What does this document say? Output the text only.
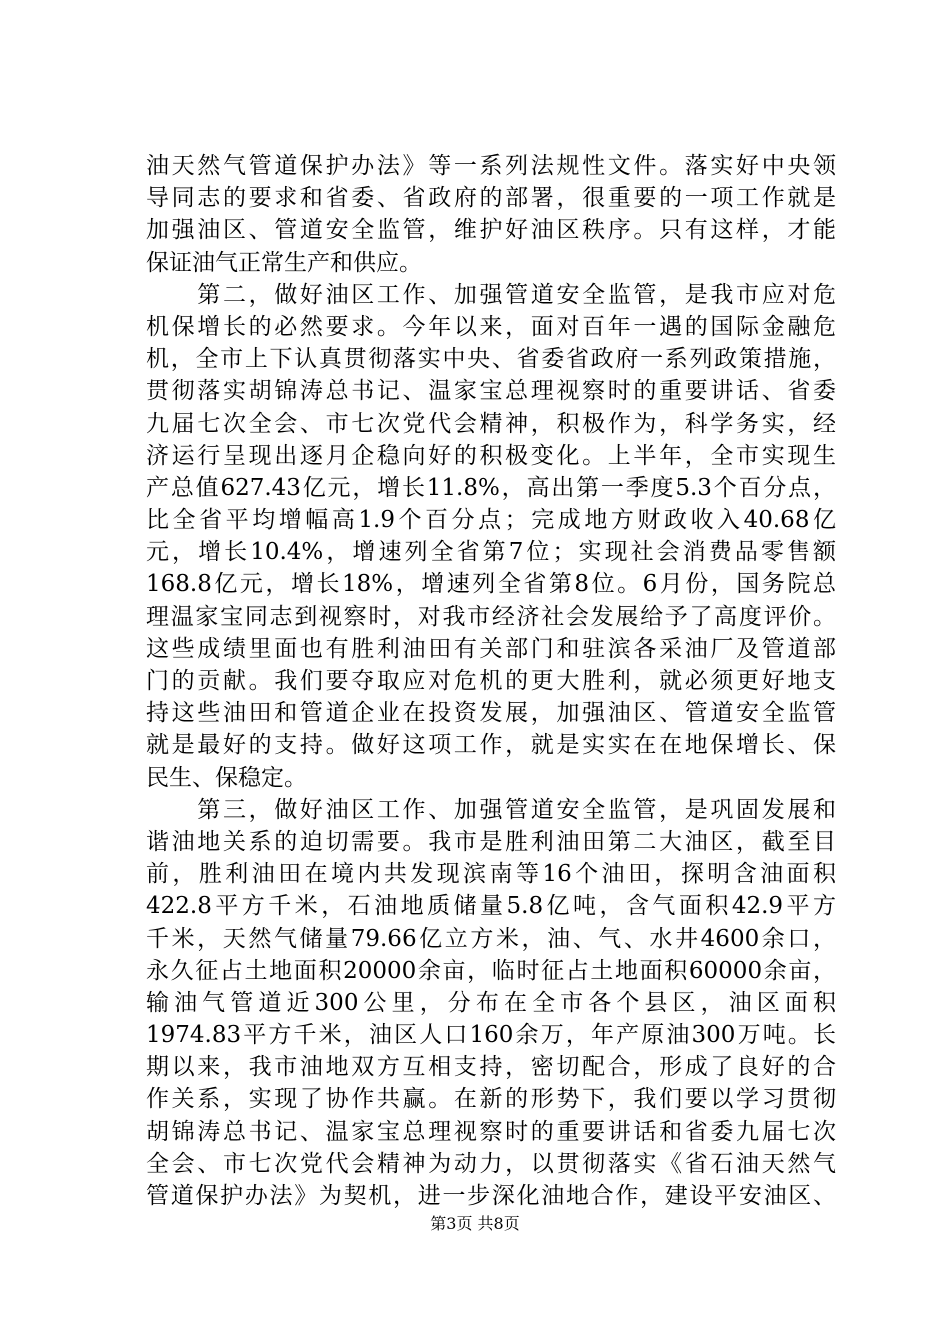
油天然气管道保护办法》等一系列法规性文件。落实好中央领
导同志的要求和省委、省政府的部署，很重要的一项工作就是
加强油区、管道安全监管，维护好油区秩序。只有这样，才能
保证油气正常生产和供应。
　　第二，做好油区工作、加强管道安全监管，是我市应对危
机保增长的必然要求。今年以来，面对百年一遇的国际金融危
机，全市上下认真贯彻落实中央、省委省政府一系列政策措施，
贯彻落实胡锦涛总书记、温家宝总理视察时的重要讲话、省委
九届七次全会、市七次党代会精神，积极作为，科学务实，经
济运行呈现出逐月企稳向好的积极变化。上半年，全市实现生
产总值627.43亿元，增长11.8%，高出第一季度5.3个百分点，
比全省平均增幅高1.9个百分点；完成地方财政收入40.68亿
元，增长10.4%，增速列全省第7位；实现社会消费品零售额
168.8亿元，增长18%，增速列全省第8位。6月份，国务院总
理温家宝同志到视察时，对我市经济社会发展给予了高度评价。
这些成绩里面也有胜利油田有关部门和驻滨各采油厂及管道部
门的贡献。我们要夺取应对危机的更大胜利，就必须更好地支
持这些油田和管道企业在投资发展，加强油区、管道安全监管
就是最好的支持。做好这项工作，就是实实在在地保增长、保
民生、保稳定。
　　第三，做好油区工作、加强管道安全监管，是巩固发展和
谐油地关系的迫切需要。我市是胜利油田第二大油区，截至目
前，胜利油田在境内共发现滨南等16个油田，探明含油面积
422.8平方千米，石油地质储量5.8亿吨，含气面积42.9平方
千米，天然气储量79.66亿立方米，油、气、水井4600余口，
永久征占土地面积20000余亩，临时征占土地面积60000余亩，
输油气管道近300公里，分布在全市各个县区，油区面积
1974.83平方千米，油区人口160余万，年产原油300万吨。长
期以来，我市油地双方互相支持，密切配合，形成了良好的合
作关系，实现了协作共赢。在新的形势下，我们要以学习贯彻
胡锦涛总书记、温家宝总理视察时的重要讲话和省委九届七次
全会、市七次党代会精神为动力，以贯彻落实《省石油天然气
管道保护办法》为契机，进一步深化油地合作，建设平安油区、
第3页 共8页
